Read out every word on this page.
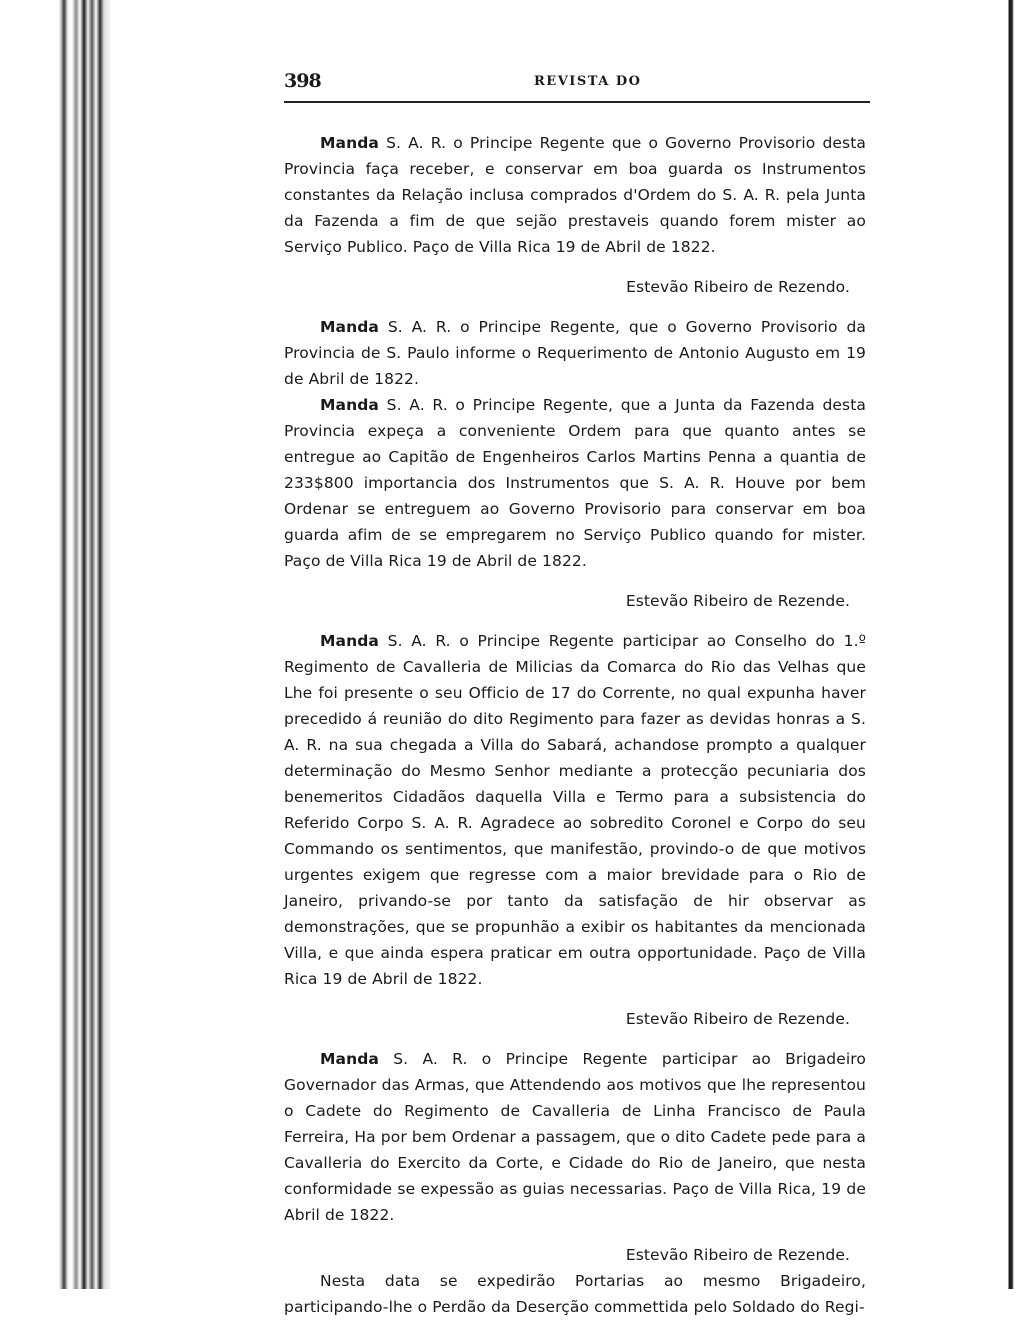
398	REVISTA DO

Manda S. A. R. o Principe Regente que o Governo Provisorio desta Provincia faça receber, e conservar em boa guarda os Instrumentos constantes da Relação inclusa comprados d'Ordem do S. A. R. pela Junta da Fazenda a fim de que sejão prestaveis quando forem mister ao Serviço Publico. Paço de Villa Rica 19 de Abril de 1822.

Estevão Ribeiro de Rezendo.

Manda S. A. R. o Principe Regente, que o Governo Provisorio da Provincia de S. Paulo informe o Requerimento de Antonio Augusto em 19 de Abril de 1822.

Manda S. A. R. o Principe Regente, que a Junta da Fazenda desta Provincia expeça a conveniente Ordem para que quanto antes se entregue ao Capitão de Engenheiros Carlos Martins Penna a quantia de 233$800 importancia dos Instrumentos que S. A. R. Houve por bem Ordenar se entreguem ao Governo Provisorio para conservar em boa guarda afim de se empregarem no Serviço Publico quando for mister. Paço de Villa Rica 19 de Abril de 1822.

Estevão Ribeiro de Rezende.

Manda S. A. R. o Principe Regente participar ao Conselho do 1.º Regimento de Cavalleria de Milicias da Comarca do Rio das Velhas que Lhe foi presente o seu Officio de 17 do Corrente, no qual expunha haver precedido á reunião do dito Regimento para fazer as devidas honras a S. A. R. na sua chegada a Villa do Sabará, achandose prompto a qualquer determinação do Mesmo Senhor mediante a protecção pecuniaria dos benemeritos Cidadãos daquella Villa e Termo para a subsistencia do Referido Corpo S. A. R. Agradece ao sobredito Coronel e Corpo do seu Commando os sentimentos, que manifestão, provindo-o de que motivos urgentes exigem que regresse com a maior brevidade para o Rio de Janeiro, privando-se por tanto da satisfação de hir observar as demonstrações, que se propunhão a exibir os habitantes da mencionada Villa, e que ainda espera praticar em outra opportunidade. Paço de Villa Rica 19 de Abril de 1822.

Estevão Ribeiro de Rezende.

Manda S. A. R. o Principe Regente participar ao Brigadeiro Governador das Armas, que Attendendo aos motivos que lhe representou o Cadete do Regimento de Cavalleria de Linha Francisco de Paula Ferreira, Ha por bem Ordenar a passagem, que o dito Cadete pede para a Cavalleria do Exercito da Corte, e Cidade do Rio de Janeiro, que nesta conformidade se expessão as guias necessarias. Paço de Villa Rica, 19 de Abril de 1822.

Estevão Ribeiro de Rezende.

Nesta data se expedirão Portarias ao mesmo Brigadeiro, participando-lhe o Perdão da Deserção commettida pelo Soldado do Regi-
